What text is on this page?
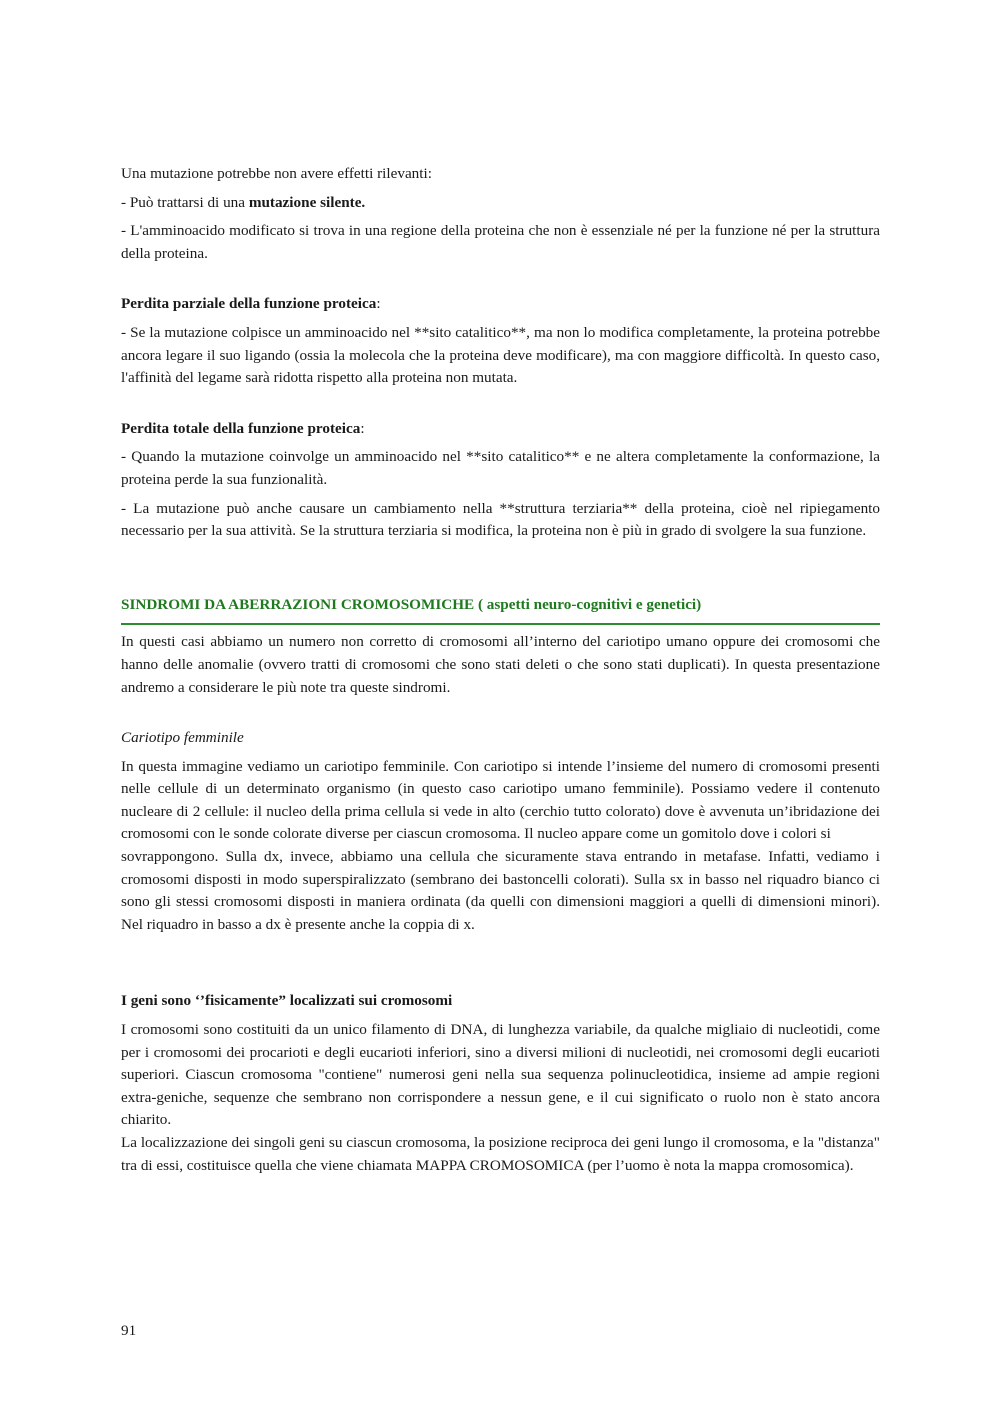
Una mutazione potrebbe non avere effetti rilevanti:

- Può trattarsi di una mutazione silente.

- L'amminoacido modificato si trova in una regione della proteina che non è essenziale né per la funzione né per la struttura della proteina.

Perdita parziale della funzione proteica:

- Se la mutazione colpisce un amminoacido nel **sito catalitico**, ma non lo modifica completamente, la proteina potrebbe ancora legare il suo ligando (ossia la molecola che la proteina deve modificare), ma con maggiore difficoltà. In questo caso, l'affinità del legame sarà ridotta rispetto alla proteina non mutata.

Perdita totale della funzione proteica:

- Quando la mutazione coinvolge un amminoacido nel **sito catalitico** e ne altera completamente la conformazione, la proteina perde la sua funzionalità.

- La mutazione può anche causare un cambiamento nella **struttura terziaria** della proteina, cioè nel ripiegamento necessario per la sua attività. Se la struttura terziaria si modifica, la proteina non è più in grado di svolgere la sua funzione.

SINDROMI DA ABERRAZIONI CROMOSOMICHE ( aspetti neuro-cognitivi e genetici)

In questi casi abbiamo un numero non corretto di cromosomi all’interno del cariotipo umano oppure dei cromosomi che hanno delle anomalie (ovvero tratti di cromosomi che sono stati deleti o che sono stati duplicati). In questa presentazione andremo a considerare le più note tra queste sindromi.

Cariotipo femminile

In questa immagine vediamo un cariotipo femminile. Con cariotipo si intende l’insieme del numero di cromosomi presenti nelle cellule di un determinato organismo (in questo caso cariotipo umano femminile). Possiamo vedere il contenuto nucleare di 2 cellule: il nucleo della prima cellula si vede in alto (cerchio tutto colorato) dove è avvenuta un’ibridazione dei cromosomi con le sonde colorate diverse per ciascun cromosoma. Il nucleo appare come un gomitolo dove i colori si

sovrappongono. Sulla dx, invece, abbiamo una cellula che sicuramente stava entrando in metafase. Infatti, vediamo i cromosomi disposti in modo superspiralizzato (sembrano dei bastoncelli colorati). Sulla sx in basso nel riquadro bianco ci sono gli stessi cromosomi disposti in maniera ordinata (da quelli con dimensioni maggiori a quelli di dimensioni minori). Nel riquadro in basso a dx è presente anche la coppia di x.

I geni sono ‘’fisicamente” localizzati sui cromosomi

I cromosomi sono costituiti da un unico filamento di DNA, di lunghezza variabile, da qualche migliaio di nucleotidi, come per i cromosomi dei procarioti e degli eucarioti inferiori, sino a diversi milioni di nucleotidi, nei cromosomi degli eucarioti superiori. Ciascun cromosoma "contiene" numerosi geni nella sua sequenza polinucleotidica, insieme ad ampie regioni extra-geniche, sequenze che sembrano non corrispondere a nessun gene, e il cui significato o ruolo non è stato ancora chiarito.

La localizzazione dei singoli geni su ciascun cromosoma, la posizione reciproca dei geni lungo il cromosoma, e la "distanza" tra di essi, costituisce quella che viene chiamata MAPPA CROMOSOMICA (per l’uomo è nota la mappa cromosomica).

91
